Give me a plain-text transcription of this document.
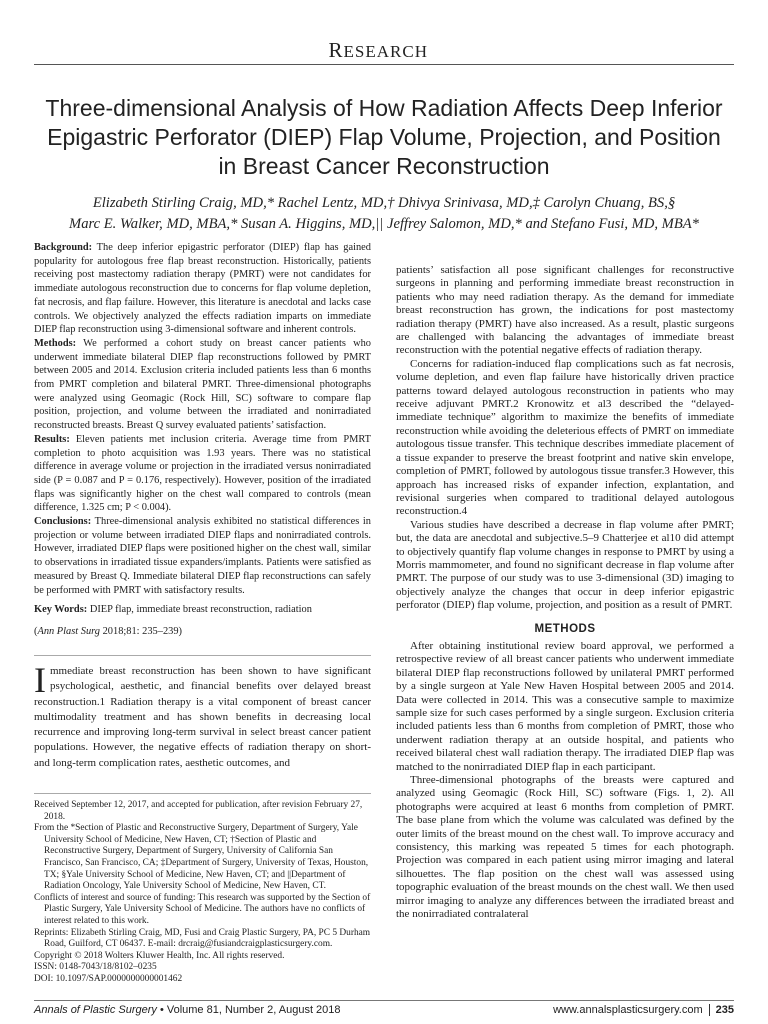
RESEARCH
Three-dimensional Analysis of How Radiation Affects Deep Inferior Epigastric Perforator (DIEP) Flap Volume, Projection, and Position in Breast Cancer Reconstruction
Elizabeth Stirling Craig, MD,* Rachel Lentz, MD,† Dhivya Srinivasa, MD,‡ Carolyn Chuang, BS,§
Marc E. Walker, MD, MBA,* Susan A. Higgins, MD,|| Jeffrey Salomon, MD,* and Stefano Fusi, MD, MBA*

Background: The deep inferior epigastric perforator (DIEP) flap has gained popularity for autologous free flap breast reconstruction. Historically, patients receiving post mastectomy radiation therapy (PMRT) were not candidates for immediate autologous reconstruction due to concerns for flap volume depletion, fat necrosis, and flap failure. However, this literature is anecdotal and lacks case controls. We objectively analyzed the effects radiation imparts on immediate DIEP flap reconstruction using 3-dimensional software and inherent controls.

Methods: We performed a cohort study on breast cancer patients who underwent immediate bilateral DIEP flap reconstructions followed by PMRT between 2005 and 2014. Exclusion criteria included patients less than 6 months from PMRT completion and bilateral PMRT. Three-dimensional photographs were analyzed using Geomagic (Rock Hill, SC) software to compare flap position, projection, and volume between the irradiated and nonirradiated reconstructed breasts. Breast Q survey evaluated patients’ satisfaction.

Results: Eleven patients met inclusion criteria. Average time from PMRT completion to photo acquisition was 1.93 years. There was no statistical difference in average volume or projection in the irradiated versus nonirradiated side (P = 0.087 and P = 0.176, respectively). However, position of the irradiated flaps was significantly higher on the chest wall compared to controls (mean difference, 1.325 cm; P < 0.004).

Conclusions: Three-dimensional analysis exhibited no statistical differences in projection or volume between irradiated DIEP flaps and nonirradiated controls. However, irradiated DIEP flaps were positioned higher on the chest wall, similar to observations in irradiated tissue expanders/implants. Patients were satisfied as measured by Breast Q. Immediate bilateral DIEP flap reconstructions can safely be performed with PMRT with satisfactory results.

Key Words: DIEP flap, immediate breast reconstruction, radiation

(Ann Plast Surg 2018;81: 235–239)

Immediate breast reconstruction has been shown to have significant psychological, aesthetic, and financial benefits over delayed breast reconstruction.1 Radiation therapy is a vital component of breast cancer multimodality treatment and has shown benefits in decreasing local recurrence and improving long-term survival in select breast cancer patient populations. However, the negative effects of radiation therapy on short- and long-term complication rates, aesthetic outcomes, and

Received September 12, 2017, and accepted for publication, after revision February 27, 2018.
From the *Section of Plastic and Reconstructive Surgery, Department of Surgery, Yale University School of Medicine, New Haven, CT; †Section of Plastic and Reconstructive Surgery, Department of Surgery, University of California San Francisco, San Francisco, CA; ‡Department of Surgery, University of Texas, Houston, TX; §Yale University School of Medicine, New Haven, CT; and ||Department of Radiation Oncology, Yale University School of Medicine, New Haven, CT.
Conflicts of interest and source of funding: This research was supported by the Section of Plastic Surgery, Yale University School of Medicine. The authors have no conflicts of interest related to this work.
Reprints: Elizabeth Stirling Craig, MD, Fusi and Craig Plastic Surgery, PA, PC 5 Durham Road, Guilford, CT 06437. E-mail: drcraig@fusiandcraigplasticsurgery.com.
Copyright © 2018 Wolters Kluwer Health, Inc. All rights reserved.
ISSN: 0148-7043/18/8102–0235
DOI: 10.1097/SAP.0000000000001462

patients’ satisfaction all pose significant challenges for reconstructive surgeons in planning and performing immediate breast reconstruction in patients who may need radiation therapy. As the demand for immediate breast reconstruction has grown, the indications for post mastectomy radiation therapy (PMRT) have also increased. As a result, plastic surgeons are challenged with balancing the advantages of immediate breast reconstruction with the potential negative effects of radiation therapy.

Concerns for radiation-induced flap complications such as fat necrosis, volume depletion, and even flap failure have historically driven practice patterns toward delayed autologous reconstruction in patients who may receive adjuvant PMRT.2 Kronowitz et al3 described the “delayed-immediate technique” algorithm to maximize the benefits of immediate reconstruction while avoiding the deleterious effects of PMRT on immediate autologous tissue transfer. This technique describes immediate placement of a tissue expander to preserve the breast footprint and native skin envelope, completion of PMRT, followed by autologous tissue transfer.3 However, this approach has increased risks of expander infection, explantation, and revisional surgeries when compared to traditional delayed autologous reconstruction.4

Various studies have described a decrease in flap volume after PMRT; but, the data are anecdotal and subjective.5–9 Chatterjee et al10 did attempt to objectively quantify flap volume changes in response to PMRT by using a Morris mammometer, and found no significant decrease in flap volume after PMRT. The purpose of our study was to use 3-dimensional (3D) imaging to objectively analyze the changes that occur in deep inferior epigastric perforator (DIEP) flap volume, projection, and position as a result of PMRT.

METHODS

After obtaining institutional review board approval, we performed a retrospective review of all breast cancer patients who underwent immediate bilateral DIEP flap reconstructions followed by unilateral PMRT performed by a single surgeon at Yale New Haven Hospital between 2005 and 2014. Data were collected in 2014. This was a consecutive sample to maximize sample size for such cases performed by a single surgeon. Exclusion criteria included patients less than 6 months from completion of PMRT, those who underwent radiation therapy at an outside hospital, and patients who received bilateral chest wall radiation therapy. The irradiated DIEP flap was matched to the nonirradiated DIEP flap in each participant.

Three-dimensional photographs of the breasts were captured and analyzed using Geomagic (Rock Hill, SC) software (Figs. 1, 2). All photographs were acquired at least 6 months from completion of PMRT. The base plane from which the volume was calculated was defined by the outer limits of the breast mound on the chest wall. To improve accuracy and consistency, this marking was repeated 5 times for each photograph. Projection was compared in each patient using mirror imaging and lateral silhouettes. The flap position on the chest wall was assessed using topographic evaluation of the breast mounds on the chest wall. We then used mirror imaging to analyze any differences between the irradiated breast and the nonirradiated contralateral

Annals of Plastic Surgery • Volume 81, Number 2, August 2018	www.annalsplasticsurgery.com 235
